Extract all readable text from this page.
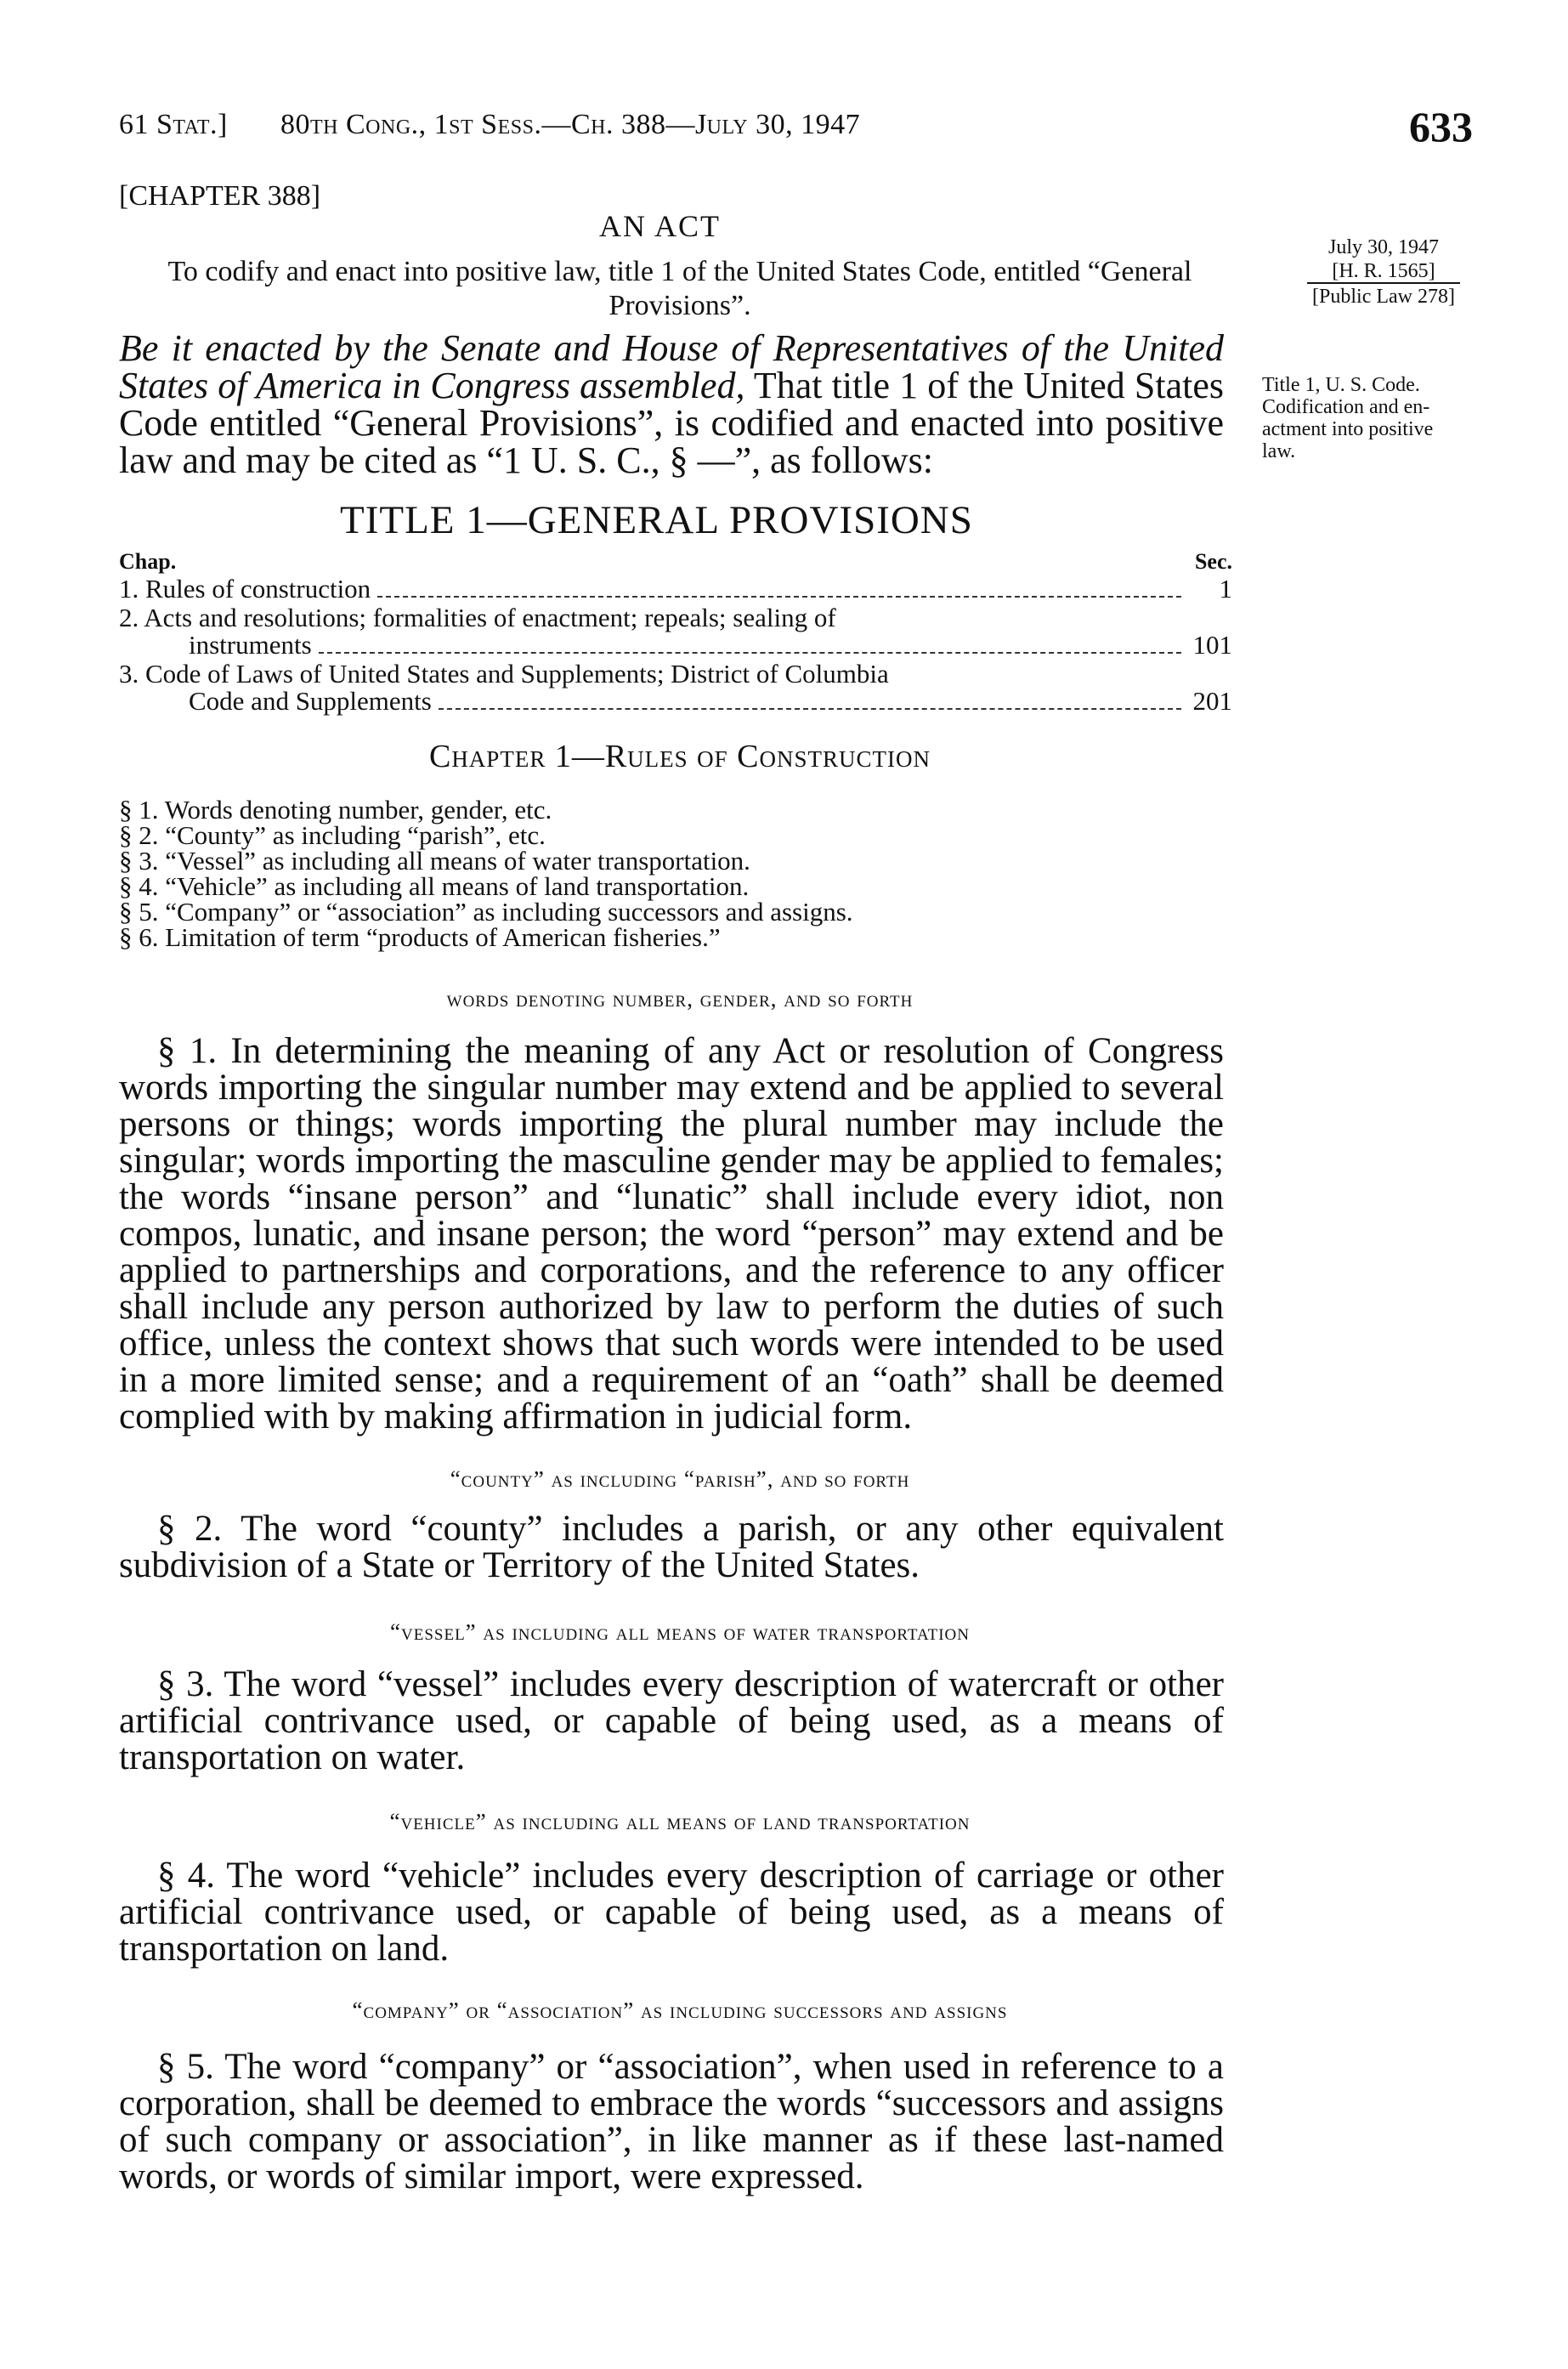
61 Stat.] 80th Cong., 1st Sess.—Ch. 388—July 30, 1947	633
[CHAPTER 388]
AN ACT
To codify and enact into positive law, title 1 of the United States Code, entitled “General Provisions”.
July 30, 1947
[H. R. 1565]
[Public Law 278]
Title 1, U. S. Code.
Codification and en-
actment into positive
law.
Be it enacted by the Senate and House of Representatives of the United States of America in Congress assembled, That title 1 of the United States Code entitled “General Provisions”, is codified and enacted into positive law and may be cited as “1 U. S. C., § —”, as follows:
TITLE 1—GENERAL PROVISIONS
Chap.	Sec.
1. Rules of construction	1
2. Acts and resolutions; formalities of enactment; repeals; sealing of
instruments	101
3. Code of Laws of United States and Supplements; District of Columbia
Code and Supplements	201
Chapter 1—Rules of Construction
§ 1. Words denoting number, gender, etc.
§ 2. “County” as including “parish”, etc.
§ 3. “Vessel” as including all means of water transportation.
§ 4. “Vehicle” as including all means of land transportation.
§ 5. “Company” or “association” as including successors and assigns.
§ 6. Limitation of term “products of American fisheries.”
words denoting number, gender, and so forth
§ 1. In determining the meaning of any Act or resolution of Congress words importing the singular number may extend and be applied to several persons or things; words importing the plural number may include the singular; words importing the masculine gender may be applied to females; the words “insane person” and “lunatic” shall include every idiot, non compos, lunatic, and insane person; the word “person” may extend and be applied to partnerships and corporations, and the reference to any officer shall include any person authorized by law to perform the duties of such office, unless the context shows that such words were intended to be used in a more limited sense; and a requirement of an “oath” shall be deemed complied with by making affirmation in judicial form.
“county” as including “parish”, and so forth
§ 2. The word “county” includes a parish, or any other equivalent subdivision of a State or Territory of the United States.
“vessel” as including all means of water transportation
§ 3. The word “vessel” includes every description of watercraft or other artificial contrivance used, or capable of being used, as a means of transportation on water.
“vehicle” as including all means of land transportation
§ 4. The word “vehicle” includes every description of carriage or other artificial contrivance used, or capable of being used, as a means of transportation on land.
“company” or “association” as including successors and assigns
§ 5. The word “company” or “association”, when used in reference to a corporation, shall be deemed to embrace the words “successors and assigns of such company or association”, in like manner as if these last-named words, or words of similar import, were expressed.
